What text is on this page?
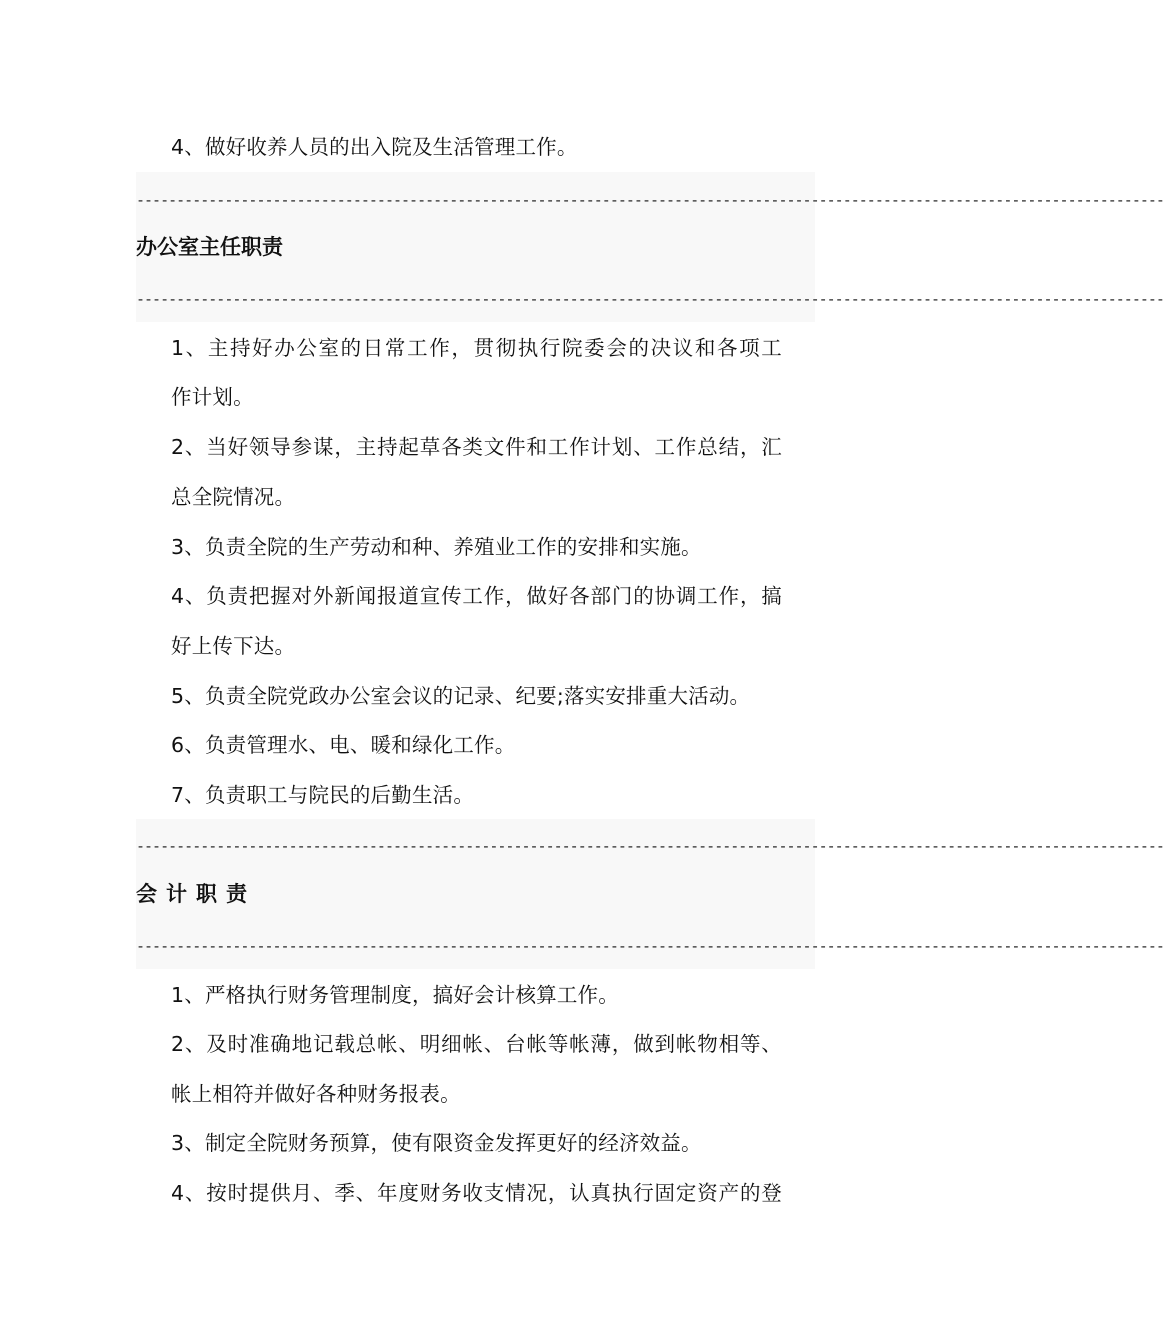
4、做好收养人员的出入院及生活管理工作。
--------------------------------------------------------------------------------------------------------------------------------
办公室主任职责
--------------------------------------------------------------------------------------------------------------------------------
1、主持好办公室的日常工作，贯彻执行院委会的决议和各项工
作计划。
2、当好领导参谋，主持起草各类文件和工作计划、工作总结，汇
总全院情况。
3、负责全院的生产劳动和种、养殖业工作的安排和实施。
4、负责把握对外新闻报道宣传工作，做好各部门的协调工作，搞
好上传下达。
5、负责全院党政办公室会议的记录、纪要;落实安排重大活动。
6、负责管理水、电、暖和绿化工作。
7、负责职工与院民的后勤生活。
--------------------------------------------------------------------------------------------------------------------------------
会计职责
--------------------------------------------------------------------------------------------------------------------------------
1、严格执行财务管理制度，搞好会计核算工作。
2、及时准确地记载总帐、明细帐、台帐等帐薄，做到帐物相等、
帐上相符并做好各种财务报表。
3、制定全院财务预算，使有限资金发挥更好的经济效益。
4、按时提供月、季、年度财务收支情况，认真执行固定资产的登
